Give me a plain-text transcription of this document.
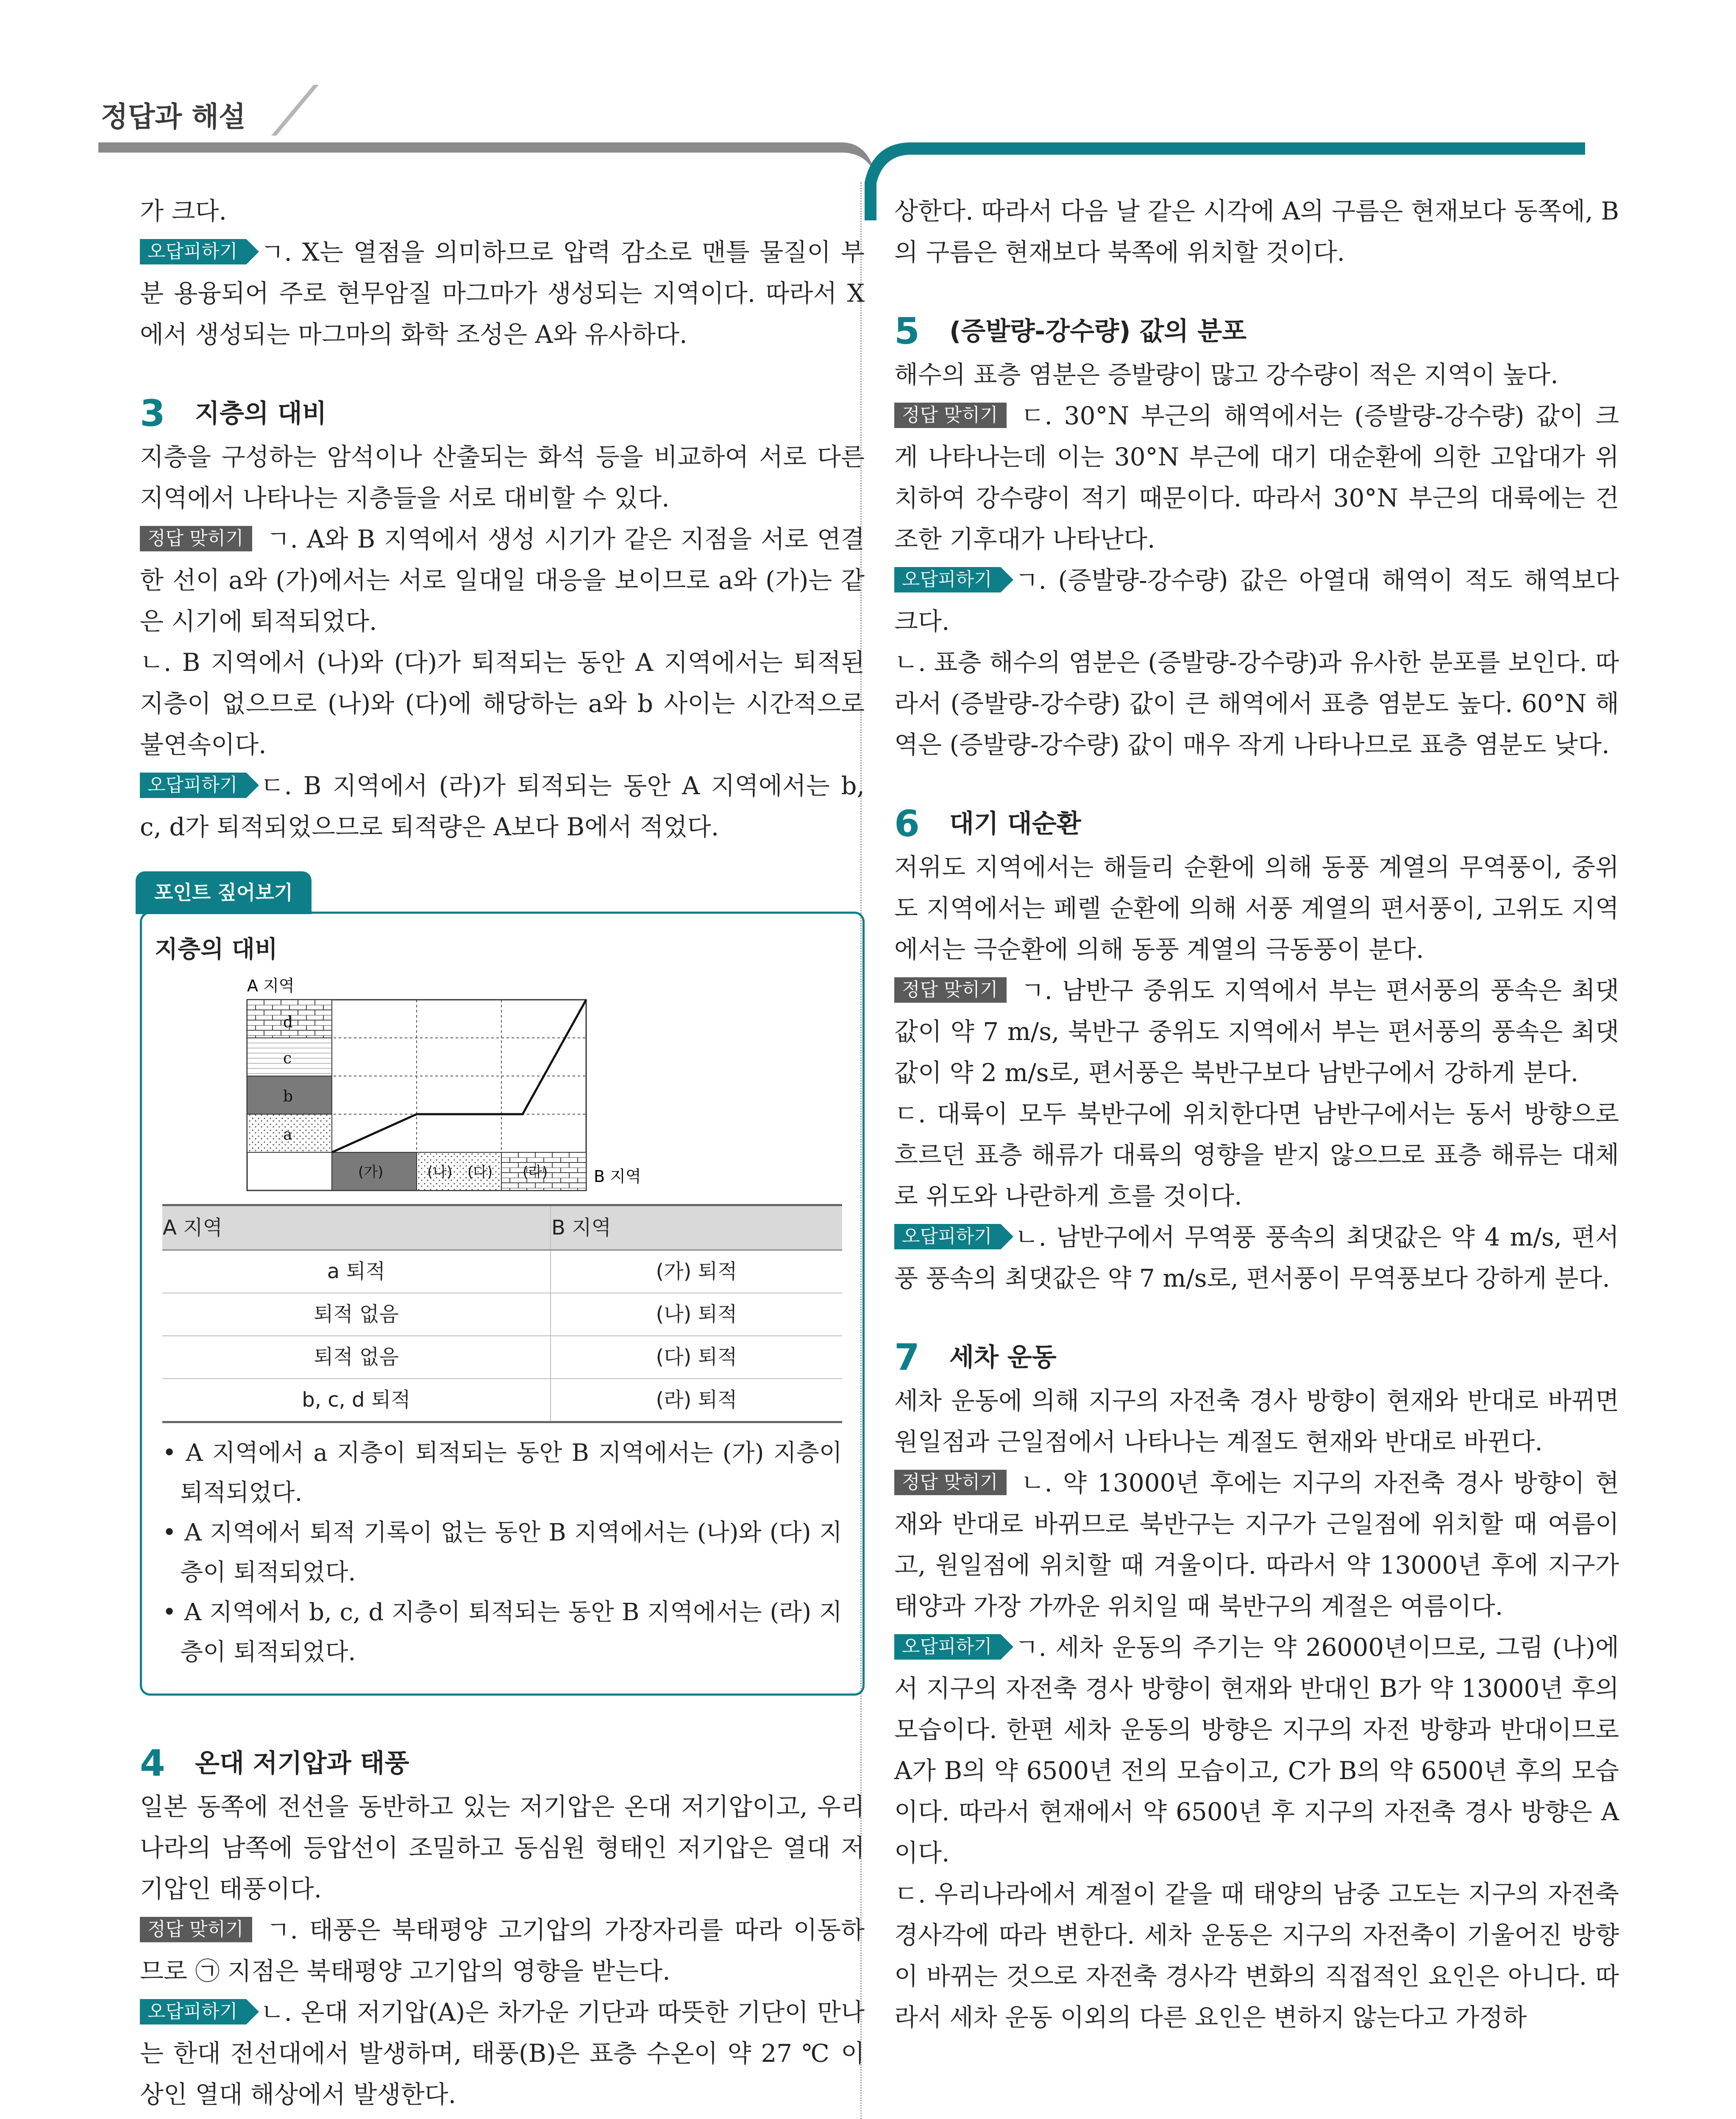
정답과 해설

가 크다.

오답피하기 ㄱ. X는 열점을 의미하므로 압력 감소로 맨틀 물질이 부분 용융되어 주로 현무암질 마그마가 생성되는 지역이다. 따라서 X에서 생성되는 마그마의 화학 조성은 A와 유사하다.

3	지층의 대비

지층을 구성하는 암석이나 산출되는 화석 등을 비교하여 서로 다른 지역에서 나타나는 지층들을 서로 대비할 수 있다.

정답 맞히기 ㄱ. A와 B 지역에서 생성 시기가 같은 지점을 서로 연결한 선이 a와 (가)에서는 서로 일대일 대응을 보이므로 a와 (가)는 같은 시기에 퇴적되었다.

ㄴ. B 지역에서 (나)와 (다)가 퇴적되는 동안 A 지역에서는 퇴적된 지층이 없으므로 (나)와 (다)에 해당하는 a와 b 사이는 시간적으로 불연속이다.

오답피하기 ㄷ. B 지역에서 (라)가 퇴적되는 동안 A 지역에서는 b, c, d가 퇴적되었으므로 퇴적량은 A보다 B에서 적었다.

포인트 짚어보기
지층의 대비
A 지역
d
c
b
a
(가)	(나) (다) (라)	B 지역
A 지역	B 지역
a 퇴적	(가) 퇴적
퇴적 없음	(나) 퇴적
퇴적 없음	(다) 퇴적
b, c, d 퇴적	(라) 퇴적

• A 지역에서 a 지층이 퇴적되는 동안 B 지역에서는 (가) 지층이 퇴적되었다.

• A 지역에서 퇴적 기록이 없는 동안 B 지역에서는 (나)와 (다) 지층이 퇴적되었다.

• A 지역에서 b, c, d 지층이 퇴적되는 동안 B 지역에서는 (라) 지층이 퇴적되었다.

4	온대 저기압과 태풍

일본 동쪽에 전선을 동반하고 있는 저기압은 온대 저기압이고, 우리나라의 남쪽에 등압선이 조밀하고 동심원 형태인 저기압은 열대 저기압인 태풍이다.

정답 맞히기 ㄱ. 태풍은 북태평양 고기압의 가장자리를 따라 이동하므로 ㉠ 지점은 북태평양 고기압의 영향을 받는다.

오답피하기 ㄴ. 온대 저기압(A)은 차가운 기단과 따뜻한 기단이 만나는 한대 전선대에서 발생하며, 태풍(B)은 표층 수온이 약 27 ℃ 이상인 열대 해상에서 발생한다.

상한다. 따라서 다음 날 같은 시각에 A의 구름은 현재보다 동쪽에, B의 구름은 현재보다 북쪽에 위치할 것이다.

5	(증발량-강수량) 값의 분포

해수의 표층 염분은 증발량이 많고 강수량이 적은 지역이 높다.

정답 맞히기 ㄷ. 30°N 부근의 해역에서는 (증발량-강수량) 값이 크게 나타나는데 이는 30°N 부근에 대기 대순환에 의한 고압대가 위치하여 강수량이 적기 때문이다. 따라서 30°N 부근의 대륙에는 건조한 기후대가 나타난다.

오답피하기 ㄱ. (증발량-강수량) 값은 아열대 해역이 적도 해역보다 크다.

ㄴ. 표층 해수의 염분은 (증발량-강수량)과 유사한 분포를 보인다. 따라서 (증발량-강수량) 값이 큰 해역에서 표층 염분도 높다. 60°N 해역은 (증발량-강수량) 값이 매우 작게 나타나므로 표층 염분도 낮다.

6	대기 대순환

저위도 지역에서는 해들리 순환에 의해 동풍 계열의 무역풍이, 중위도 지역에서는 페렐 순환에 의해 서풍 계열의 편서풍이, 고위도 지역에서는 극순환에 의해 동풍 계열의 극동풍이 분다.

정답 맞히기 ㄱ. 남반구 중위도 지역에서 부는 편서풍의 풍속은 최댓값이 약 7 m/s, 북반구 중위도 지역에서 부는 편서풍의 풍속은 최댓값이 약 2 m/s로, 편서풍은 북반구보다 남반구에서 강하게 분다.

ㄷ. 대륙이 모두 북반구에 위치한다면 남반구에서는 동서 방향으로 흐르던 표층 해류가 대륙의 영향을 받지 않으므로 표층 해류는 대체로 위도와 나란하게 흐를 것이다.

오답피하기 ㄴ. 남반구에서 무역풍 풍속의 최댓값은 약 4 m/s, 편서풍 풍속의 최댓값은 약 7 m/s로, 편서풍이 무역풍보다 강하게 분다.

7	세차 운동

세차 운동에 의해 지구의 자전축 경사 방향이 현재와 반대로 바뀌면 원일점과 근일점에서 나타나는 계절도 현재와 반대로 바뀐다.

정답 맞히기 ㄴ. 약 13000년 후에는 지구의 자전축 경사 방향이 현재와 반대로 바뀌므로 북반구는 지구가 근일점에 위치할 때 여름이고, 원일점에 위치할 때 겨울이다. 따라서 약 13000년 후에 지구가 태양과 가장 가까운 위치일 때 북반구의 계절은 여름이다.

오답피하기 ㄱ. 세차 운동의 주기는 약 26000년이므로, 그림 (나)에서 지구의 자전축 경사 방향이 현재와 반대인 B가 약 13000년 후의 모습이다. 한편 세차 운동의 방향은 지구의 자전 방향과 반대이므로 A가 B의 약 6500년 전의 모습이고, C가 B의 약 6500년 후의 모습이다. 따라서 현재에서 약 6500년 후 지구의 자전축 경사 방향은 A이다.

ㄷ. 우리나라에서 계절이 같을 때 태양의 남중 고도는 지구의 자전축 경사각에 따라 변한다. 세차 운동은 지구의 자전축이 기울어진 방향이 바뀌는 것으로 자전축 경사각 변화의 직접적인 요인은 아니다. 따라서 세차 운동 이외의 다른 요인은 변하지 않는다고 가정하
